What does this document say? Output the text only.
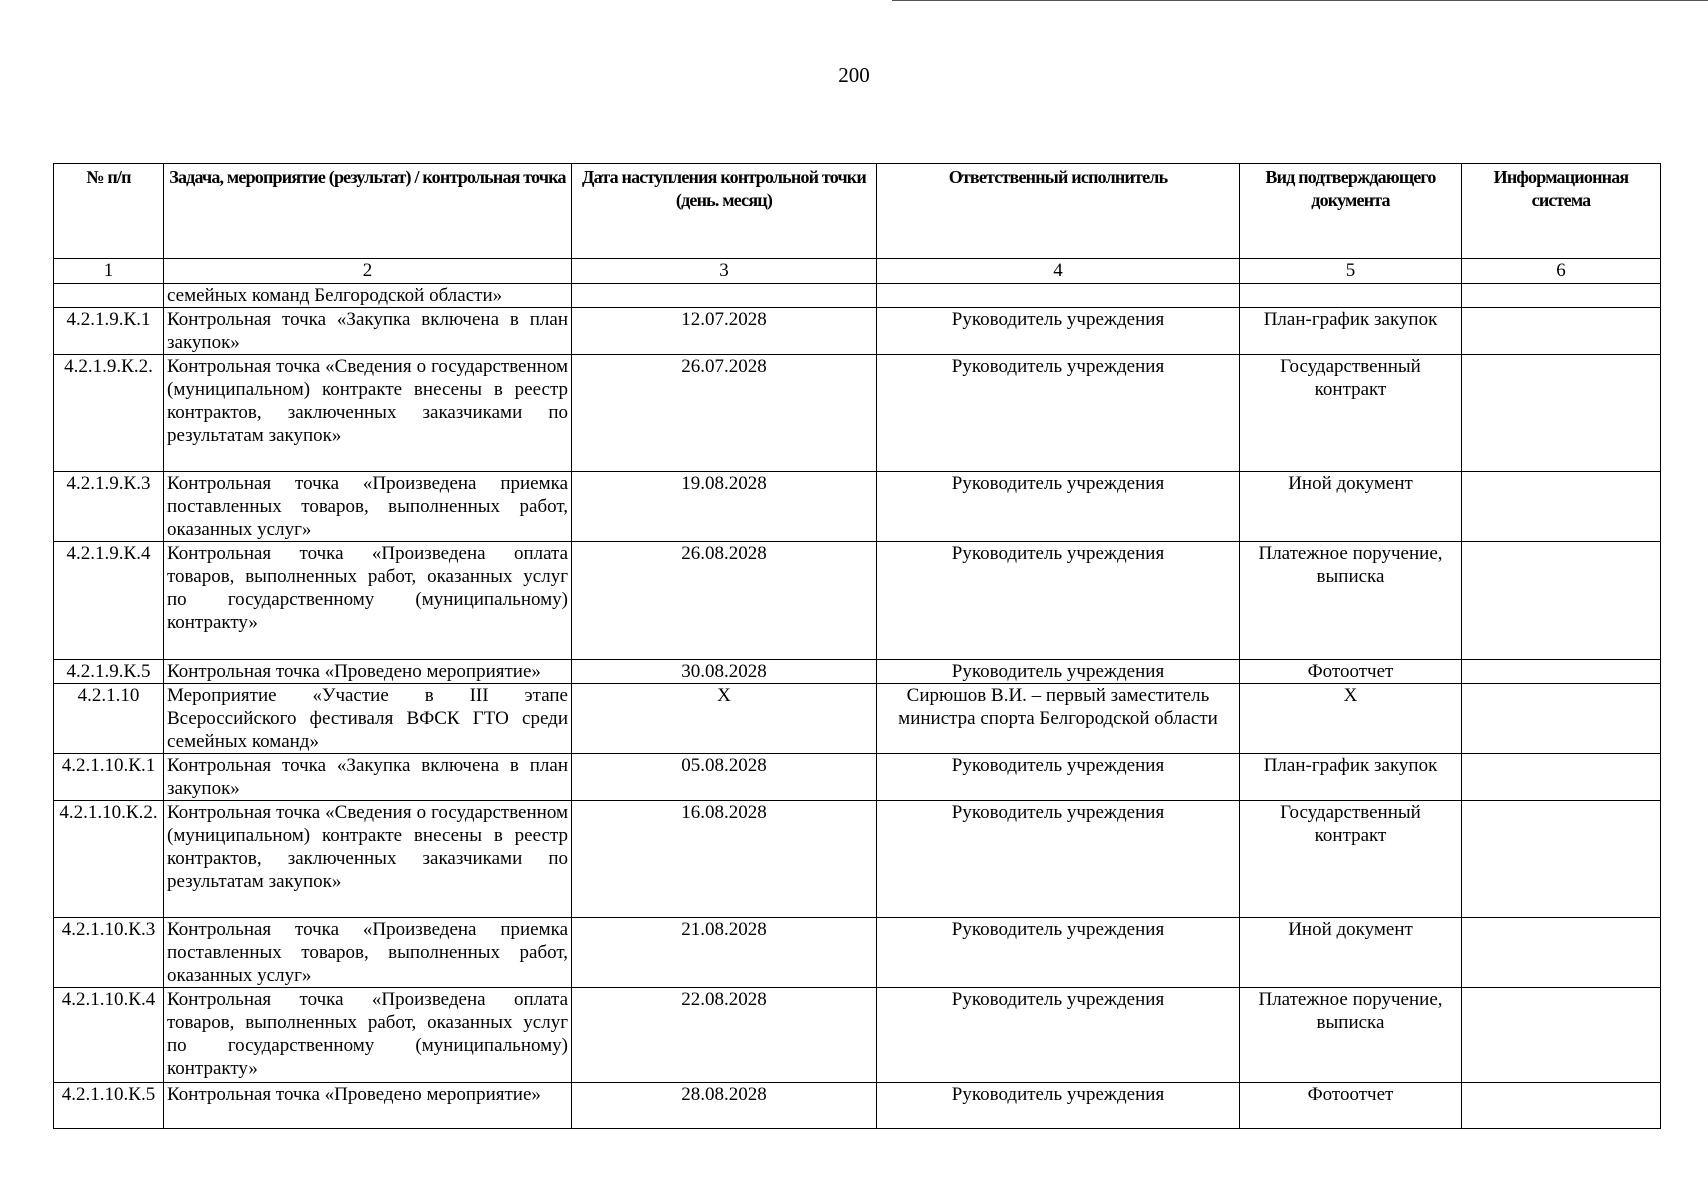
200
№ п/п	Задача, мероприятие (результат) / контрольная точка	Дата наступления контрольной точки (день. месяц)	Ответственный исполнитель	Вид подтверждающего документа	Информационная система
1	2	3	4	5	6
	семейных команд Белгородской области»				
4.2.1.9.К.1	Контрольная точка «Закупка включена в план закупок»	12.07.2028	Руководитель учреждения	План-график закупок	
4.2.1.9.К.2.	Контрольная точка «Сведения о государственном (муниципальном) контракте внесены в реестр контрактов, заключенных заказчиками по результатам закупок»	26.07.2028	Руководитель учреждения	Государственный контракт	
4.2.1.9.К.3	Контрольная точка «Произведена приемка поставленных товаров, выполненных работ, оказанных услуг»	19.08.2028	Руководитель учреждения	Иной документ	
4.2.1.9.К.4	Контрольная точка «Произведена оплата товаров, выполненных работ, оказанных услуг по государственному (муниципальному) контракту»	26.08.2028	Руководитель учреждения	Платежное поручение, выписка	
4.2.1.9.К.5	Контрольная точка «Проведено мероприятие»	30.08.2028	Руководитель учреждения	Фотоотчет	
4.2.1.10	Мероприятие «Участие в III этапе Всероссийского фестиваля ВФСК ГТО среди семейных команд»	Х	Сирюшов В.И. – первый заместитель министра спорта Белгородской области	Х	
4.2.1.10.К.1	Контрольная точка «Закупка включена в план закупок»	05.08.2028	Руководитель учреждения	План-график закупок	
4.2.1.10.К.2.	Контрольная точка «Сведения о государственном (муниципальном) контракте внесены в реестр контрактов, заключенных заказчиками по результатам закупок»	16.08.2028	Руководитель учреждения	Государственный контракт	
4.2.1.10.К.3	Контрольная точка «Произведена приемка поставленных товаров, выполненных работ, оказанных услуг»	21.08.2028	Руководитель учреждения	Иной документ	
4.2.1.10.К.4	Контрольная точка «Произведена оплата товаров, выполненных работ, оказанных услуг по государственному (муниципальному) контракту»	22.08.2028	Руководитель учреждения	Платежное поручение, выписка	
4.2.1.10.К.5	Контрольная точка «Проведено мероприятие»	28.08.2028	Руководитель учреждения	Фотоотчет	
